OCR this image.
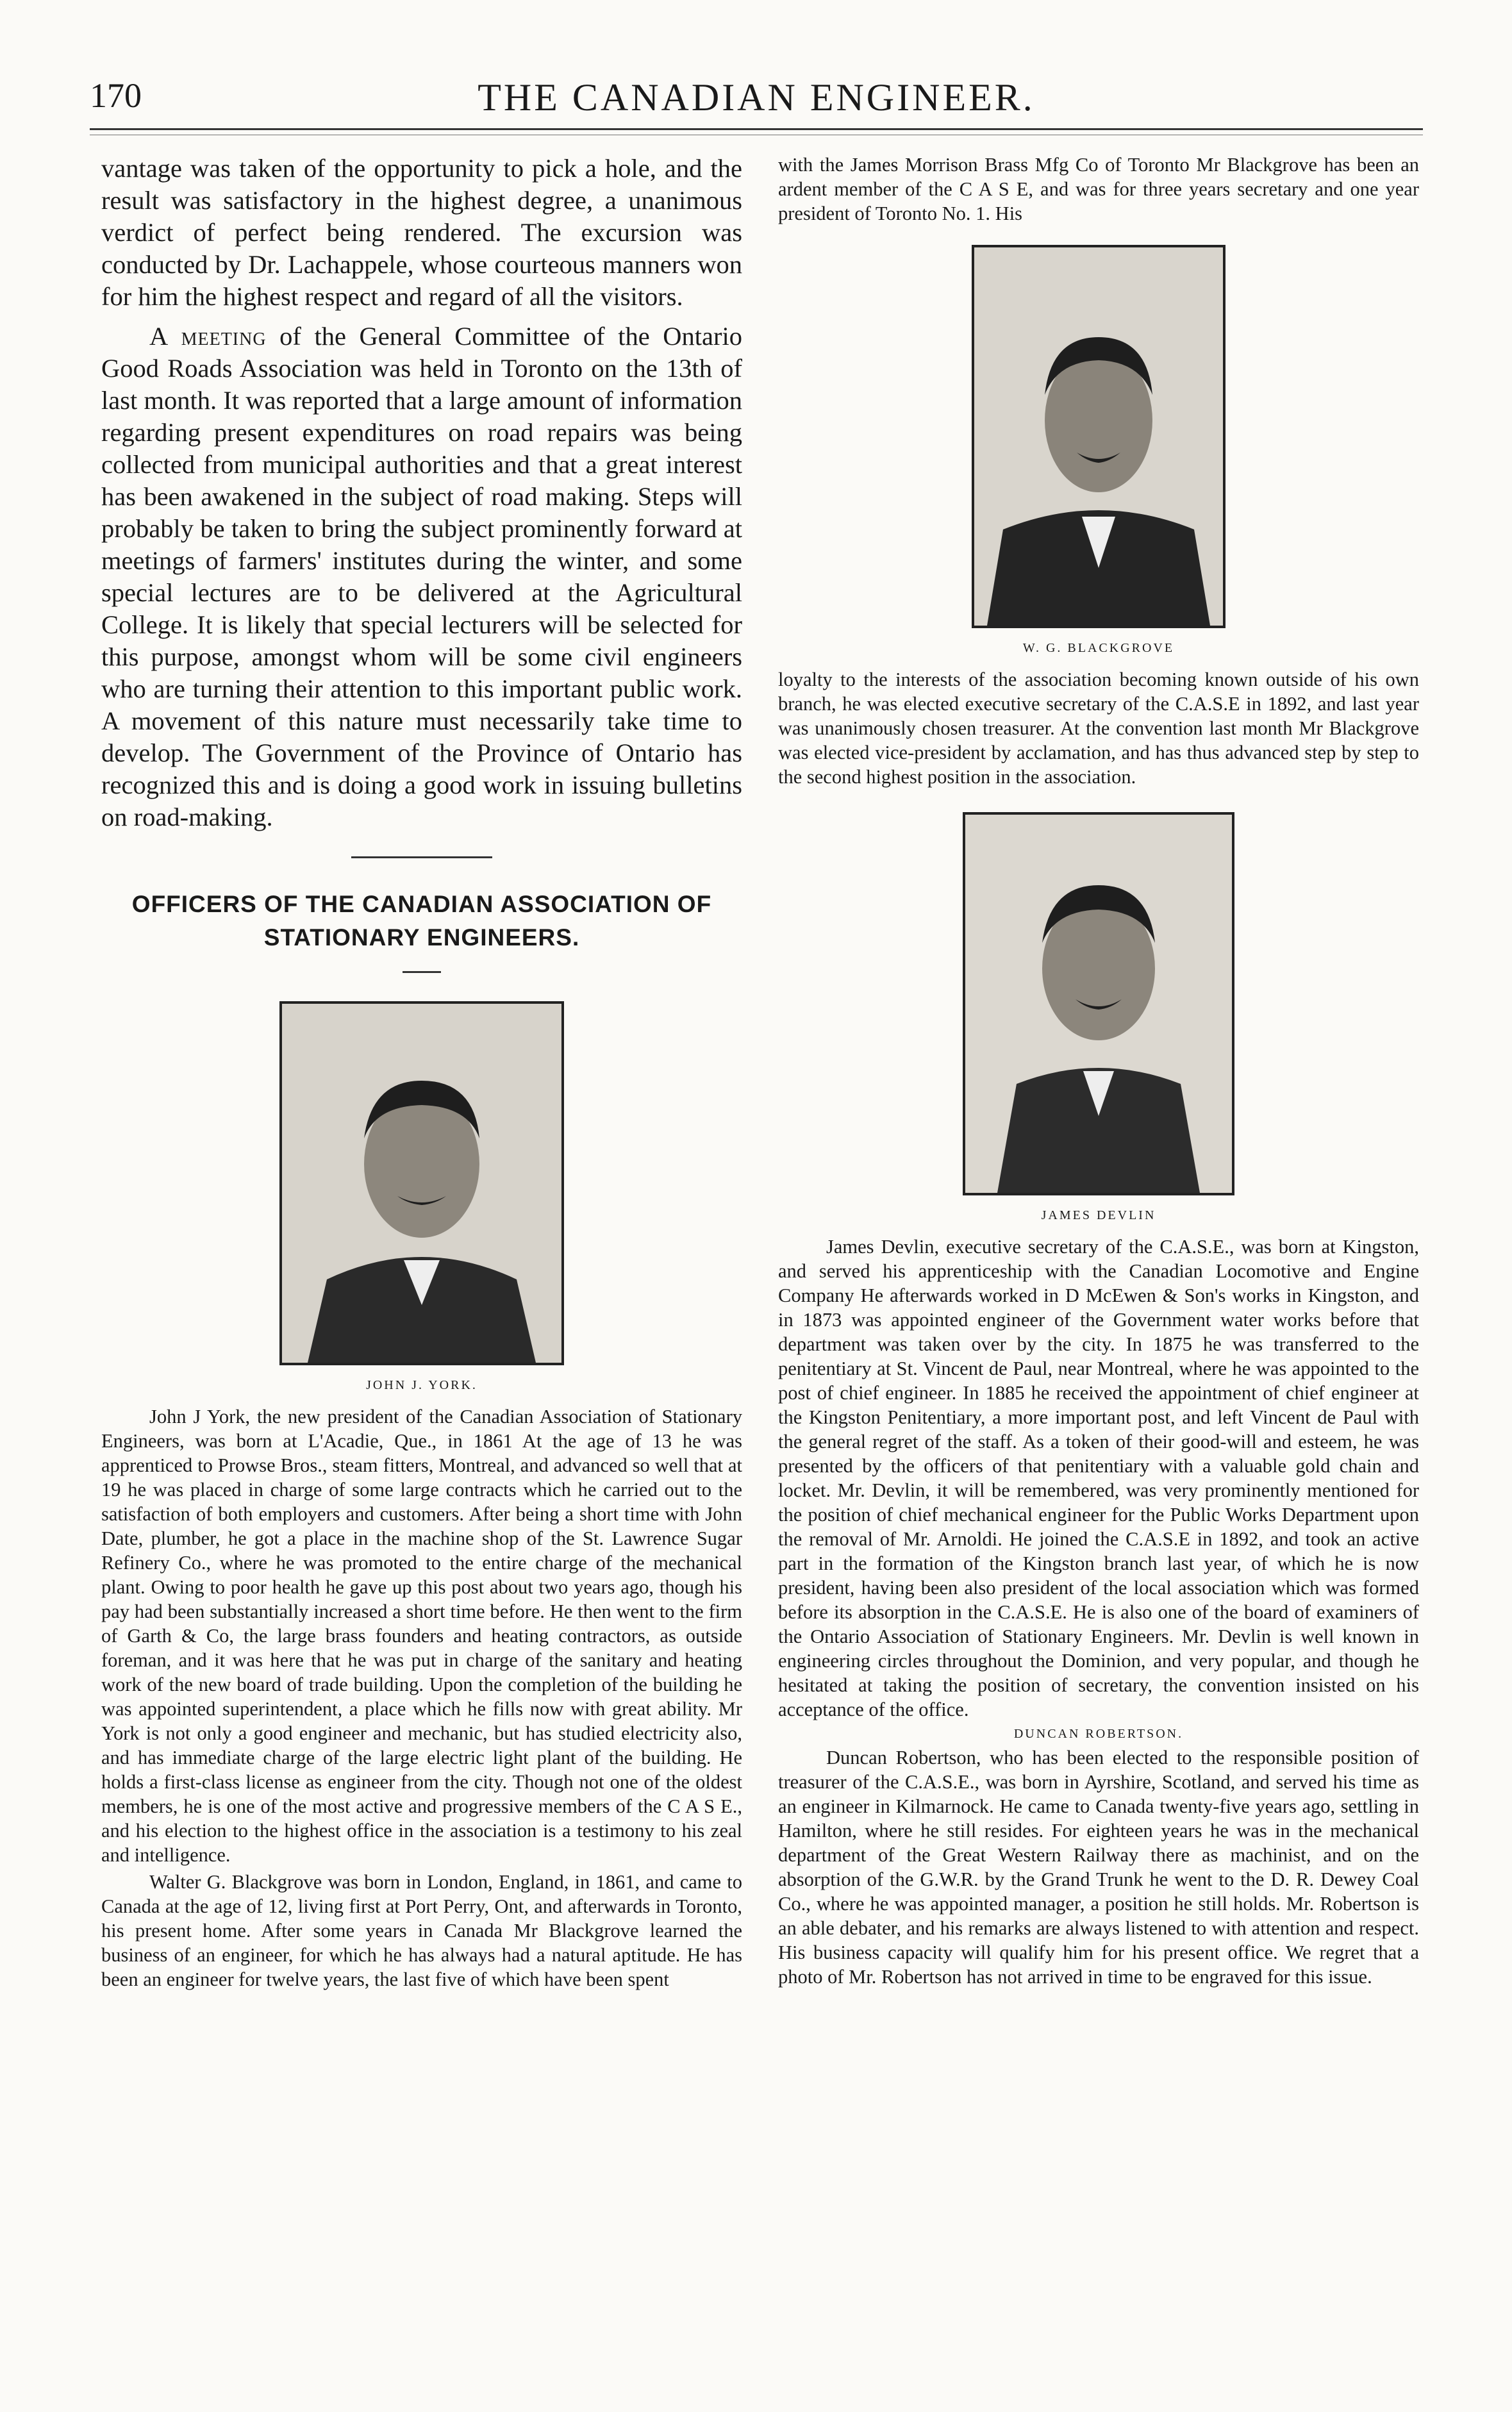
170	THE CANADIAN ENGINEER.

vantage was taken of the opportunity to pick a hole, and the result was satisfactory in the highest degree, a unanimous verdict of perfect being rendered. The excursion was conducted by Dr. Lachappele, whose courteous manners won for him the highest respect and regard of all the visitors.

A meeting of the General Committee of the Ontario Good Roads Association was held in Toronto on the 13th of last month. It was reported that a large amount of information regarding present expenditures on road repairs was being collected from municipal authorities and that a great interest has been awakened in the subject of road making. Steps will probably be taken to bring the subject prominently forward at meetings of farmers' institutes during the winter, and some special lectures are to be delivered at the Agricultural College. It is likely that special lecturers will be selected for this purpose, amongst whom will be some civil engineers who are turning their attention to this important public work. A movement of this nature must necessarily take time to develop. The Government of the Province of Ontario has recognized this and is doing a good work in issuing bulletins on road-making.

OFFICERS OF THE CANADIAN ASSOCIATION OF STATIONARY ENGINEERS.
JOHN J. YORK.

John J York, the new president of the Canadian Association of Stationary Engineers, was born at L'Acadie, Que., in 1861 At the age of 13 he was apprenticed to Prowse Bros., steam fitters, Montreal, and advanced so well that at 19 he was placed in charge of some large contracts which he carried out to the satisfaction of both employers and customers. After being a short time with John Date, plumber, he got a place in the machine shop of the St. Lawrence Sugar Refinery Co., where he was promoted to the entire charge of the mechanical plant. Owing to poor health he gave up this post about two years ago, though his pay had been substantially increased a short time before. He then went to the firm of Garth & Co, the large brass founders and heating contractors, as outside foreman, and it was here that he was put in charge of the sanitary and heating work of the new board of trade building. Upon the completion of the building he was appointed superintendent, a place which he fills now with great ability. Mr York is not only a good engineer and mechanic, but has studied electricity also, and has immediate charge of the large electric light plant of the building. He holds a first-class license as engineer from the city. Though not one of the oldest members, he is one of the most active and progressive members of the C A S E., and his election to the highest office in the association is a testimony to his zeal and intelligence.

Walter G. Blackgrove was born in London, England, in 1861, and came to Canada at the age of 12, living first at Port Perry, Ont, and afterwards in Toronto, his present home. After some years in Canada Mr Blackgrove learned the business of an engineer, for which he has always had a natural aptitude. He has been an engineer for twelve years, the last five of which have been spent

with the James Morrison Brass Mfg Co of Toronto Mr Blackgrove has been an ardent member of the C A S E, and was for three years secretary and one year president of Toronto No. 1. His

W. G. BLACKGROVE

loyalty to the interests of the association becoming known outside of his own branch, he was elected executive secretary of the C.A.S.E in 1892, and last year was unanimously chosen treasurer. At the convention last month Mr Blackgrove was elected vice-president by acclamation, and has thus advanced step by step to the second highest position in the association.

JAMES DEVLIN

James Devlin, executive secretary of the C.A.S.E., was born at Kingston, and served his apprenticeship with the Canadian Locomotive and Engine Company He afterwards worked in D McEwen & Son's works in Kingston, and in 1873 was appointed engineer of the Government water works before that department was taken over by the city. In 1875 he was transferred to the penitentiary at St. Vincent de Paul, near Montreal, where he was appointed to the post of chief engineer. In 1885 he received the appointment of chief engineer at the Kingston Penitentiary, a more important post, and left Vincent de Paul with the general regret of the staff. As a token of their good-will and esteem, he was presented by the officers of that penitentiary with a valuable gold chain and locket. Mr. Devlin, it will be remembered, was very prominently mentioned for the position of chief mechanical engineer for the Public Works Department upon the removal of Mr. Arnoldi. He joined the C.A.S.E in 1892, and took an active part in the formation of the Kingston branch last year, of which he is now president, having been also president of the local association which was formed before its absorption in the C.A.S.E. He is also one of the board of examiners of the Ontario Association of Stationary Engineers. Mr. Devlin is well known in engineering circles throughout the Dominion, and very popular, and though he hesitated at taking the position of secretary, the convention insisted on his acceptance of the office.

DUNCAN ROBERTSON.

Duncan Robertson, who has been elected to the responsible position of treasurer of the C.A.S.E., was born in Ayrshire, Scotland, and served his time as an engineer in Kilmarnock. He came to Canada twenty-five years ago, settling in Hamilton, where he still resides. For eighteen years he was in the mechanical department of the Great Western Railway there as machinist, and on the absorption of the G.W.R. by the Grand Trunk he went to the D. R. Dewey Coal Co., where he was appointed manager, a position he still holds. Mr. Robertson is an able debater, and his remarks are always listened to with attention and respect. His business capacity will qualify him for his present office. We regret that a photo of Mr. Robertson has not arrived in time to be engraved for this issue.
